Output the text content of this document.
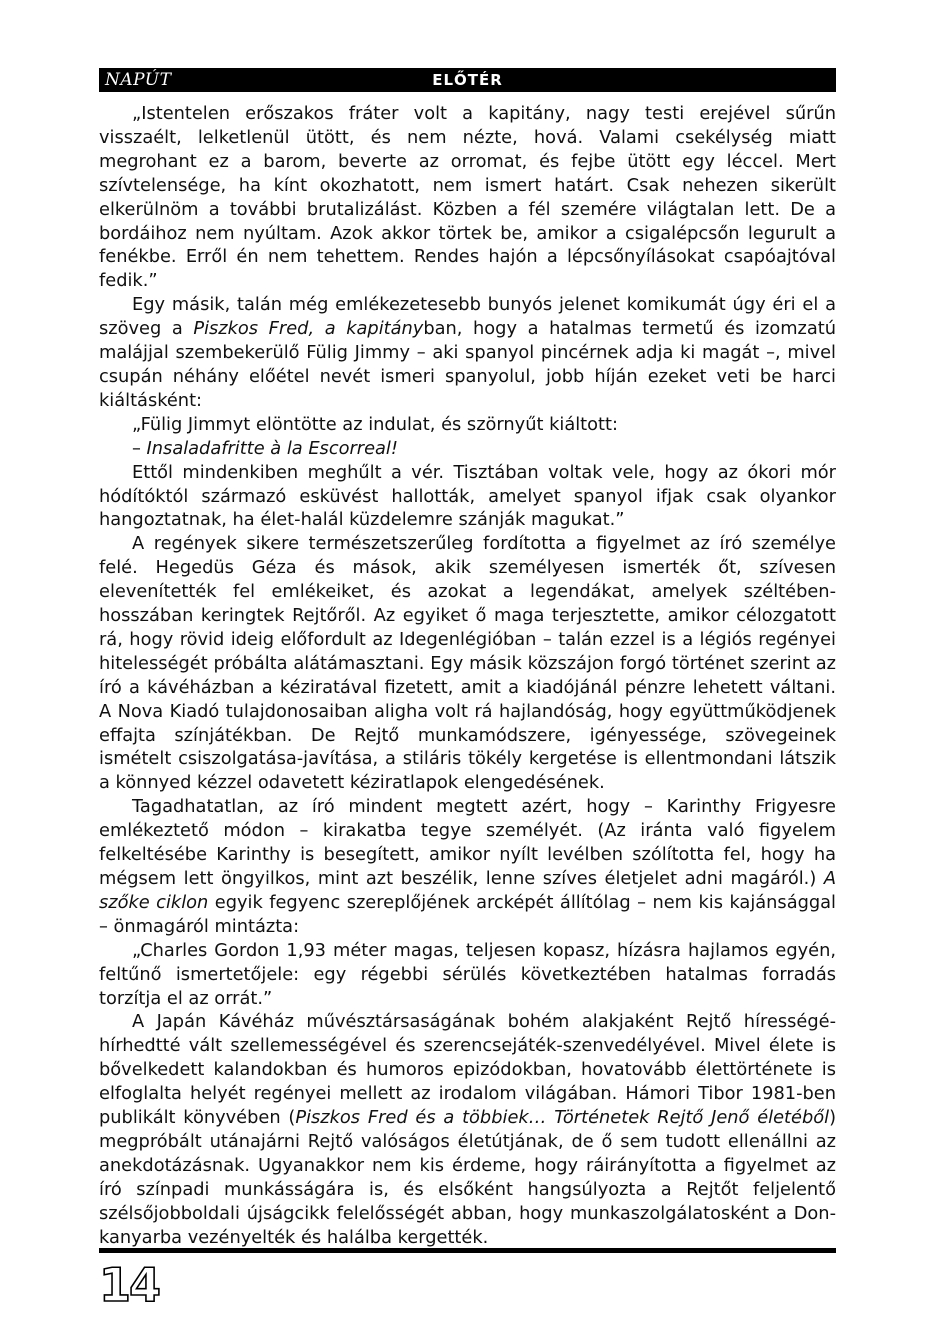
NAPÚT	ELŐTÉR

„Istentelen erőszakos fráter volt a kapitány, nagy testi erejével sűrűn visszaélt, lelketlenül ütött, és nem nézte, hová. Valami csekélység miatt megrohant ez a barom, beverte az orromat, és fejbe ütött egy léccel. Mert szívtelensége, ha kínt okozhatott, nem ismert határt. Csak nehezen sikerült elkerülnöm a további brutalizálást. Közben a fél szemére világtalan lett. De a bordáihoz nem nyúltam. Azok akkor törtek be, amikor a csigalépcsőn legurult a fenékbe. Erről én nem tehettem. Rendes hajón a lépcsőnyílásokat csapóajtóval fedik.”

Egy másik, talán még emlékezetesebb bunyós jelenet komikumát úgy éri el a szöveg a Piszkos Fred, a kapitányban, hogy a hatalmas termetű és izomzatú malájjal szembekerülő Fülig Jimmy – aki spanyol pincérnek adja ki magát –, mivel csupán néhány előétel nevét ismeri spanyolul, jobb híján ezeket veti be harci kiáltásként:

„Fülig Jimmyt elöntötte az indulat, és szörnyűt kiáltott:

– Insaladafritte à la Escorreal!

Ettől mindenkiben meghűlt a vér. Tisztában voltak vele, hogy az ókori mór hódítóktól származó esküvést hallották, amelyet spanyol ifjak csak olyankor hangoztatnak, ha élet-halál küzdelemre szánják magukat.”

A regények sikere természetszerűleg fordította a figyelmet az író személye felé. Hegedüs Géza és mások, akik személyesen ismerték őt, szívesen elevenítették fel emlékeiket, és azokat a legendákat, amelyek széltében-hosszában keringtek Rejtőről. Az egyiket ő maga terjesztette, amikor célozgatott rá, hogy rövid ideig előfordult az Idegenlégióban – talán ezzel is a légiós regényei hitelességét próbálta alátámasztani. Egy másik közszájon forgó történet szerint az író a kávéházban a kéziratával fizetett, amit a kiadójánál pénzre lehetett váltani. A Nova Kiadó tulajdonosaiban aligha volt rá hajlandóság, hogy együttműködjenek effajta színjátékban. De Rejtő munkamódszere, igényessége, szövegeinek ismételt csiszolgatása-javítása, a stiláris tökély kergetése is ellentmondani látszik a könnyed kézzel odavetett kéziratlapok elengedésének.

Tagadhatatlan, az író mindent megtett azért, hogy – Karinthy Frigyesre emlékeztető módon – kirakatba tegye személyét. (Az iránta való figyelem felkeltésébe Karinthy is besegített, amikor nyílt levélben szólította fel, hogy ha mégsem lett öngyilkos, mint azt beszélik, lenne szíves életjelet adni magáról.) A szőke ciklon egyik fegyenc szereplőjének arcképét állítólag – nem kis kajánsággal – önmagáról mintázta:

„Charles Gordon 1,93 méter magas, teljesen kopasz, hízásra hajlamos egyén, feltűnő ismertetőjele: egy régebbi sérülés következtében hatalmas forradás torzítja el az orrát.”

A Japán Kávéház művésztársaságának bohém alakjaként Rejtő hírességé-hírhedtté vált szellemességével és szerencsejáték-szenvedélyével. Mivel élete is bővelkedett kalandokban és humoros epizódokban, hovatovább élettörténete is elfoglalta helyét regényei mellett az irodalom világában. Hámori Tibor 1981-ben publikált könyvében (Piszkos Fred és a többiek… Történetek Rejtő Jenő életéből) megpróbált utánajárni Rejtő valóságos életútjának, de ő sem tudott ellenállni az anekdotázásnak. Ugyanakkor nem kis érdeme, hogy ráirányította a figyelmet az író színpadi munkásságára is, és elsőként hangsúlyozta a Rejtőt feljelentő szélsőjobboldali újságcikk felelősségét abban, hogy munkaszolgálatosként a Don-kanyarba vezényelték és halálba kergették.

14
